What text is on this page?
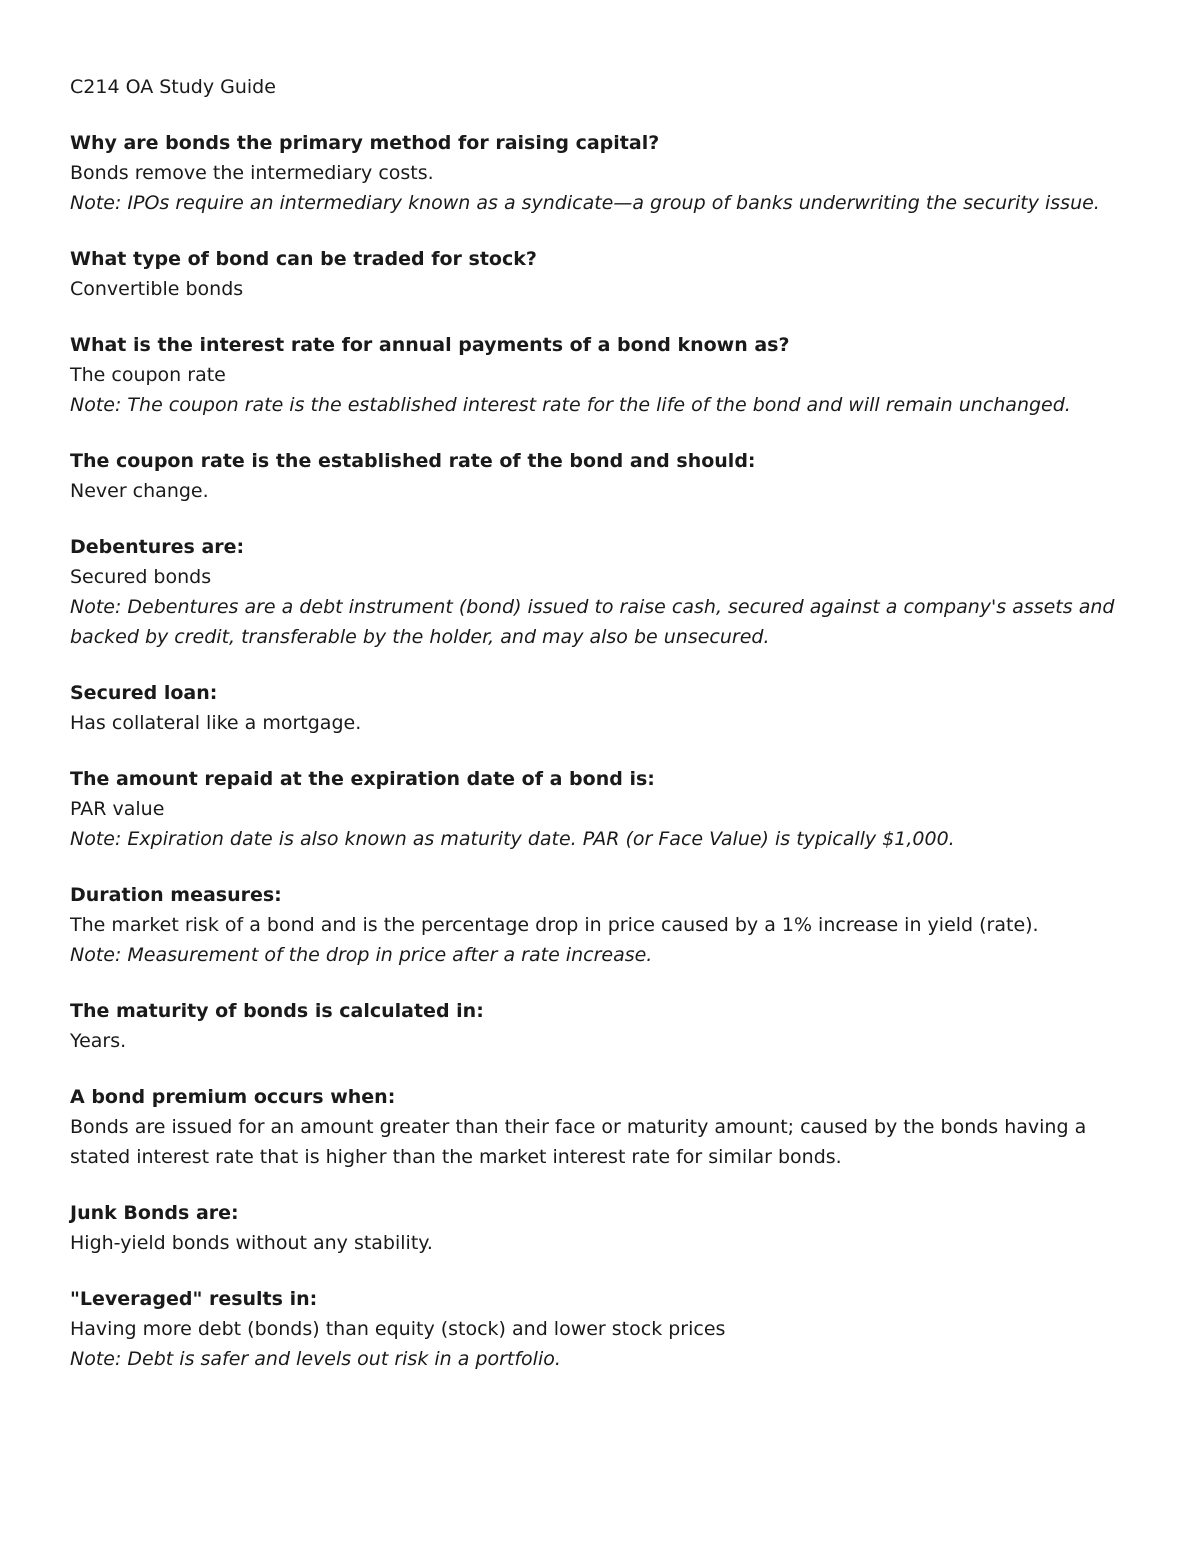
C214 OA Study Guide

Why are bonds the primary method for raising capital?

Bonds remove the intermediary costs.

Note: IPOs require an intermediary known as a syndicate—a group of banks underwriting the security issue.

What type of bond can be traded for stock?

Convertible bonds

What is the interest rate for annual payments of a bond known as?

The coupon rate

Note: The coupon rate is the established interest rate for the life of the bond and will remain unchanged.

The coupon rate is the established rate of the bond and should:

Never change.

Debentures are:

Secured bonds

Note: Debentures are a debt instrument (bond) issued to raise cash, secured against a company's assets and backed by credit, transferable by the holder, and may also be unsecured.

Secured loan:

Has collateral like a mortgage.

The amount repaid at the expiration date of a bond is:

PAR value

Note: Expiration date is also known as maturity date. PAR (or Face Value) is typically $1,000.

Duration measures:

The market risk of a bond and is the percentage drop in price caused by a 1% increase in yield (rate).

Note: Measurement of the drop in price after a rate increase.

The maturity of bonds is calculated in:

Years.

A bond premium occurs when:

Bonds are issued for an amount greater than their face or maturity amount; caused by the bonds having a stated interest rate that is higher than the market interest rate for similar bonds.

Junk Bonds are:

High-yield bonds without any stability.

"Leveraged" results in:

Having more debt (bonds) than equity (stock) and lower stock prices

Note: Debt is safer and levels out risk in a portfolio.
